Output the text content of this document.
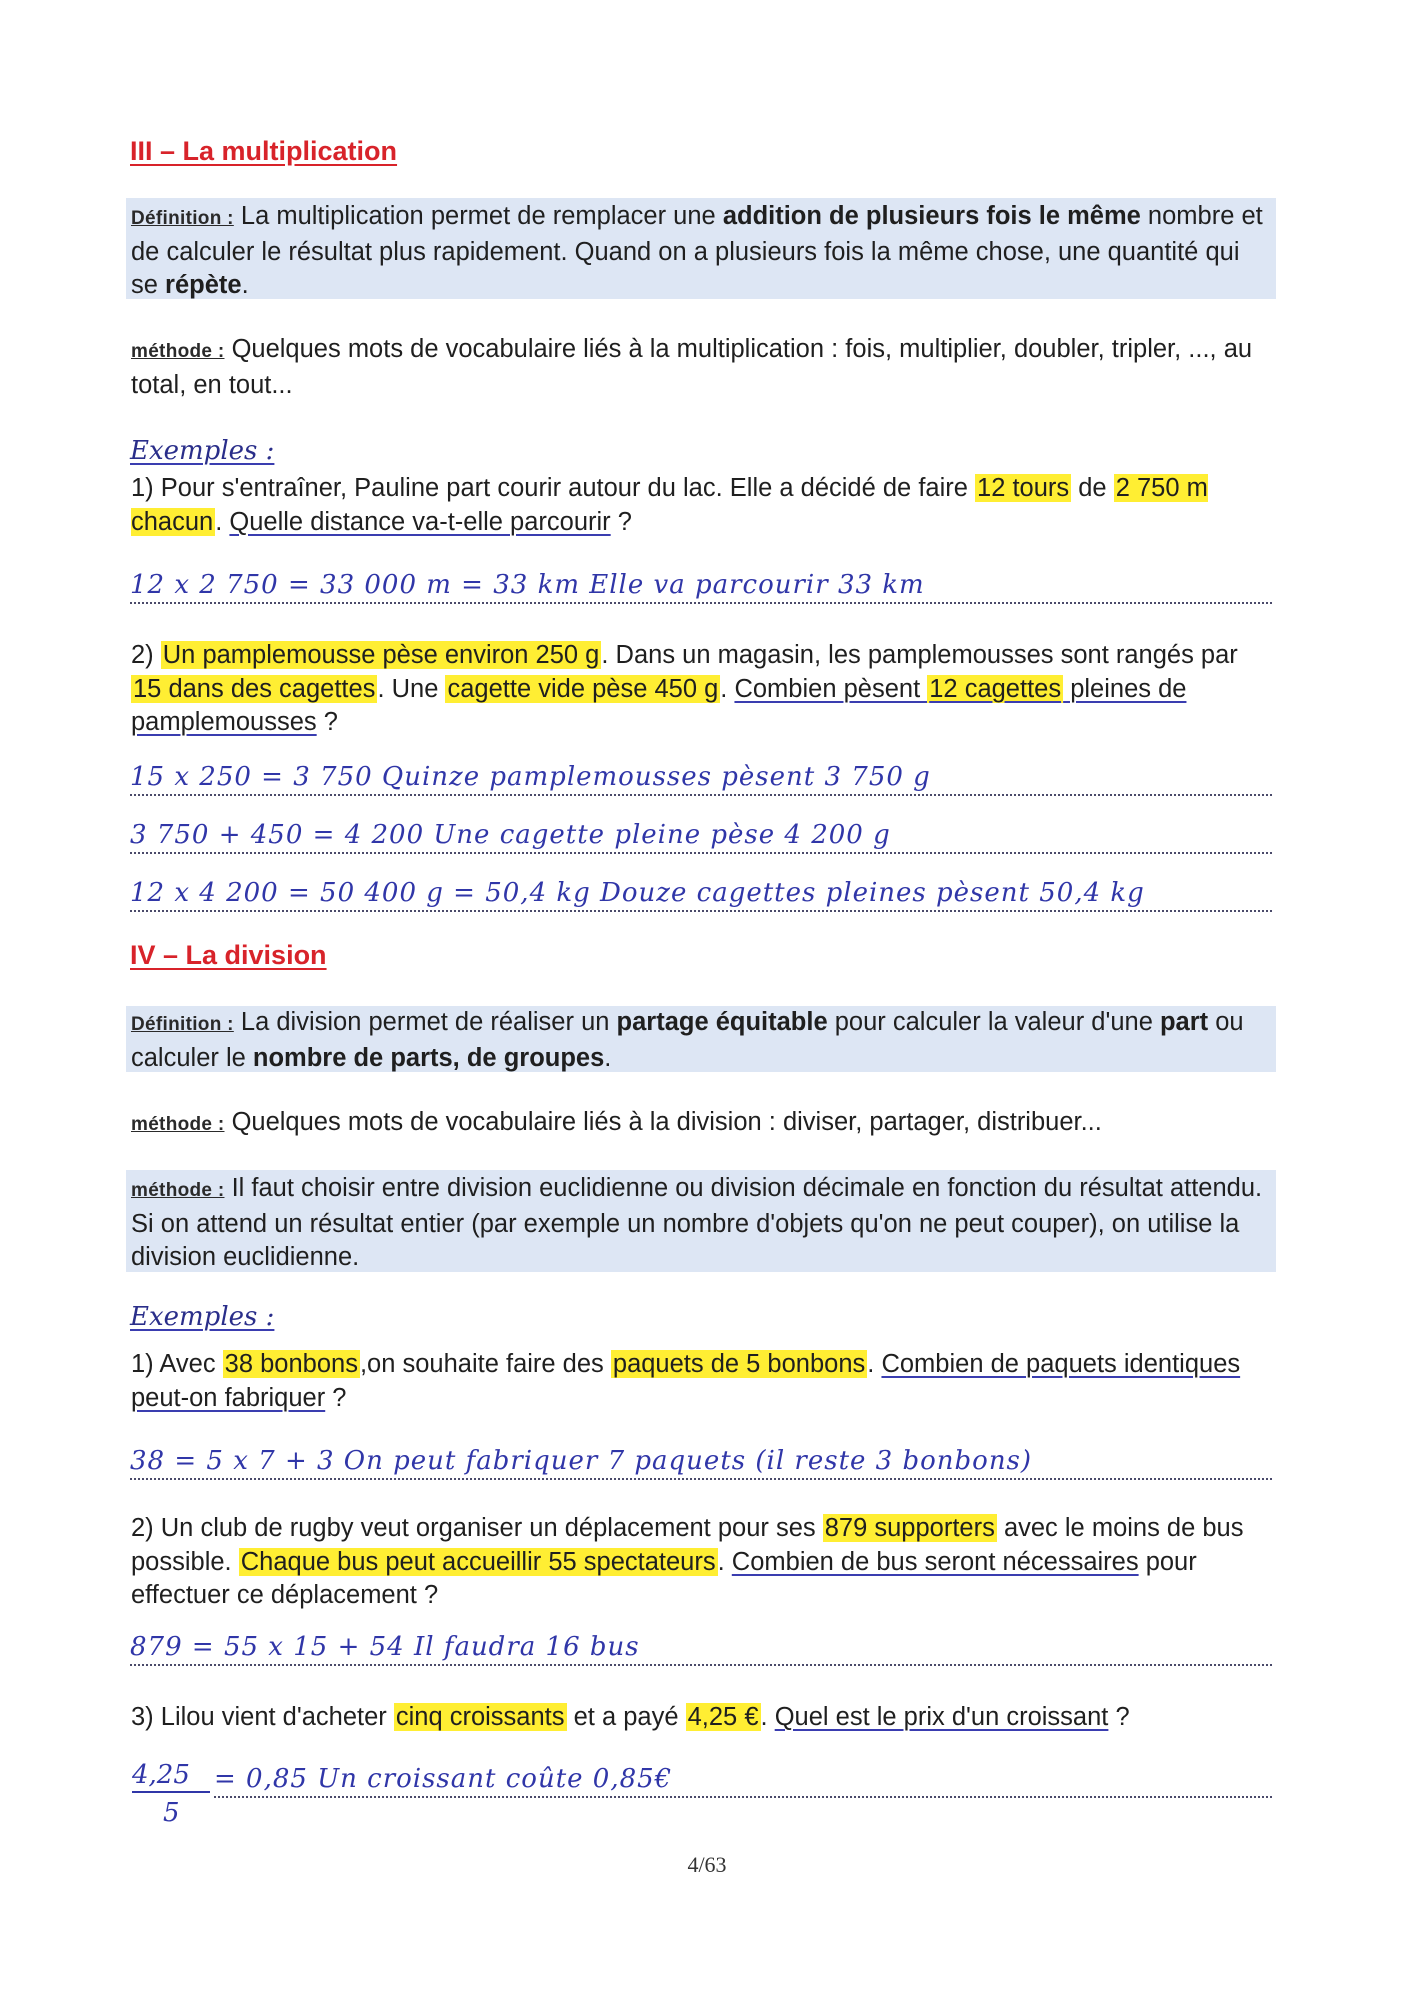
III – La multiplication
Définition : La multiplication permet de remplacer une addition de plusieurs fois le même nombre et de calculer le résultat plus rapidement. Quand on a plusieurs fois la même chose, une quantité qui se répète.
méthode : Quelques mots de vocabulaire liés à la multiplication : fois, multiplier, doubler, tripler, ..., au total, en tout...
Exemples :
1) Pour s'entraîner, Pauline part courir autour du lac. Elle a décidé de faire 12 tours de 2 750 m chacun. Quelle distance va-t-elle parcourir ?
12 x 2 750 = 33 000 m = 33 km Elle va parcourir 33 km
2) Un pamplemousse pèse environ 250 g. Dans un magasin, les pamplemousses sont rangés par 15 dans des cagettes. Une cagette vide pèse 450 g. Combien pèsent 12 cagettes pleines de pamplemousses ?
15 x 250 = 3 750 Quinze pamplemousses pèsent 3 750 g
3 750 + 450 = 4 200 Une cagette pleine pèse 4 200 g
12 x 4 200 = 50 400 g = 50,4 kg Douze cagettes pleines pèsent 50,4 kg
IV – La division
Définition : La division permet de réaliser un partage équitable pour calculer la valeur d'une part ou calculer le nombre de parts, de groupes.
méthode : Quelques mots de vocabulaire liés à la division : diviser, partager, distribuer...
méthode : Il faut choisir entre division euclidienne ou division décimale en fonction du résultat attendu. Si on attend un résultat entier (par exemple un nombre d'objets qu'on ne peut couper), on utilise la division euclidienne.
Exemples :
1) Avec 38 bonbons,on souhaite faire des paquets de 5 bonbons. Combien de paquets identiques peut-on fabriquer ?
38 = 5 x 7 + 3 On peut fabriquer 7 paquets (il reste 3 bonbons)
2) Un club de rugby veut organiser un déplacement pour ses 879 supporters avec le moins de bus possible. Chaque bus peut accueillir 55 spectateurs. Combien de bus seront nécessaires pour effectuer ce déplacement ?
879 = 55 x 15 + 54 Il faudra 16 bus
3) Lilou vient d'acheter cinq croissants et a payé 4,25 €. Quel est le prix d'un croissant ?
4,25
5
= 0,85 Un croissant coûte 0,85€
4/63
